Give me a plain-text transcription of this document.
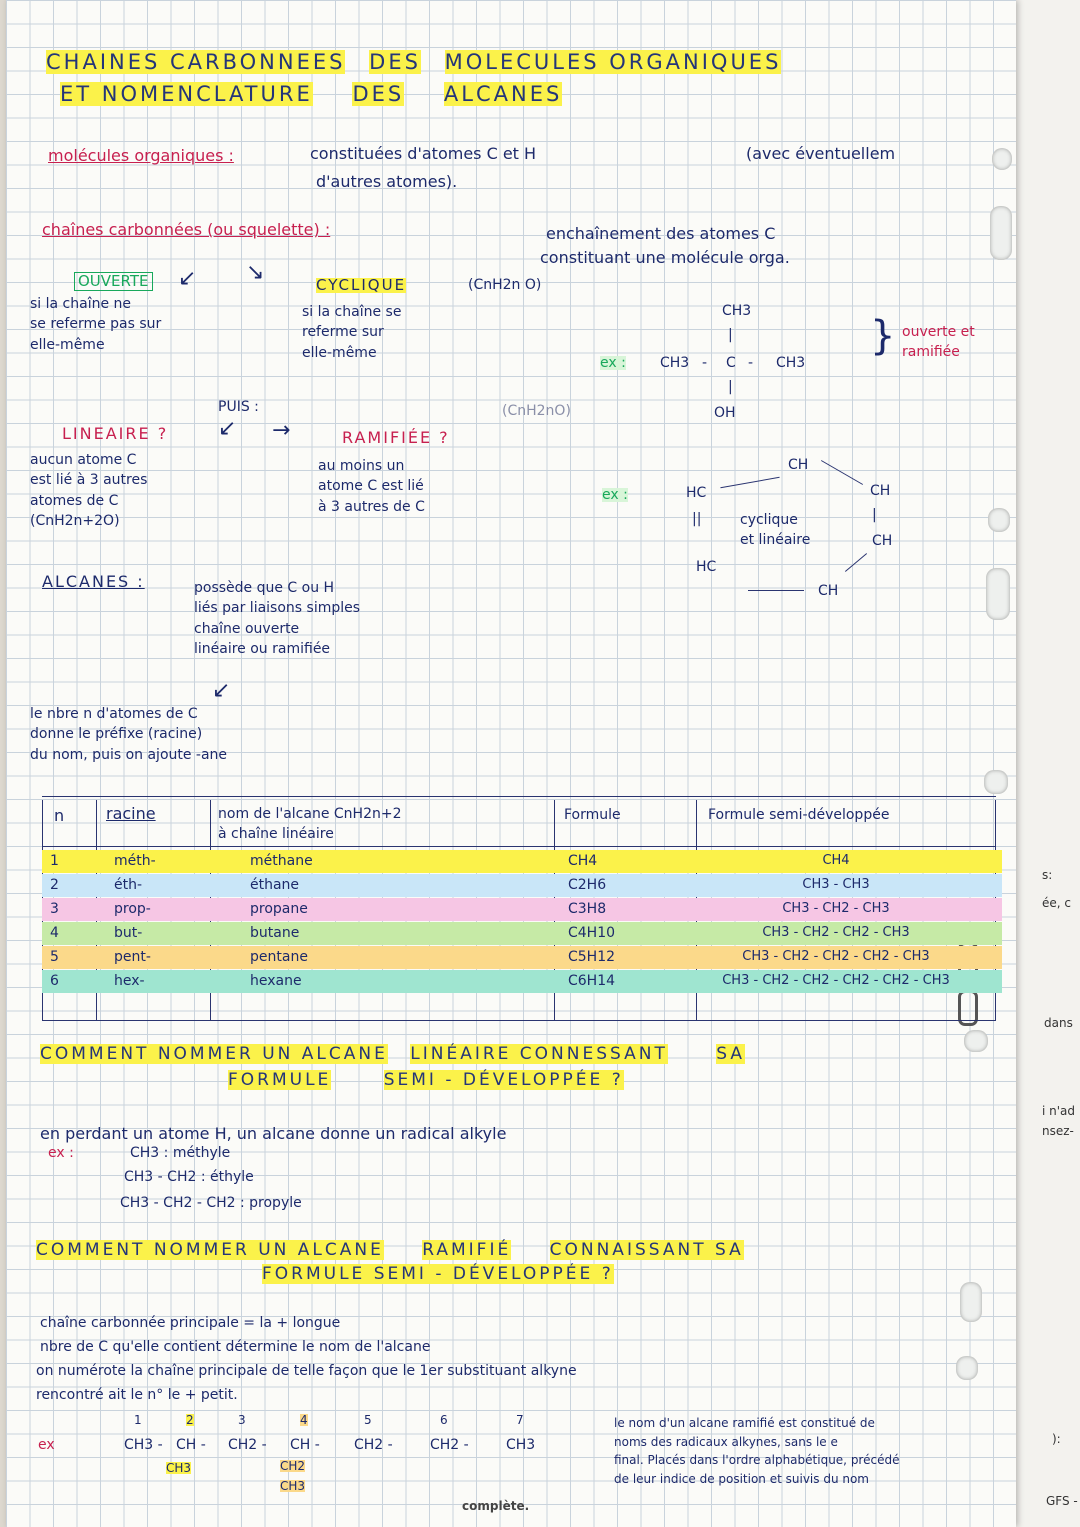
s:
ée, c
dans
i n'ad
nsez-
):
GFS -
CHAINES CARBONNEES DES MOLECULES ORGANIQUES
ET NOMENCLATURE DES ALCANES
molécules organiques :	constituées d'atomes C et H	(avec éventuellem
d'autres atomes).
chaînes carbonnées (ou squelette) :	enchaînement des atomes C
constituant une molécule orga.
OUVERTE ↙ ↘
si la chaîne ne
se referme pas sur
elle-même
CYCLIQUE	(CnH2n O)
si la chaîne se
referme sur
elle-même
PUIS :
↙ →
LINEAIRE ?
aucun atome C
est lié à 3 autres
atomes de C
(CnH2n+2O)
RAMIFIÉE ?
(CnH2nO)
au moins un
atome C est lié
à 3 autres de C
ex :
CH3
|
CH3 - C - CH3
|
OH
} ouverte et
ramifiée
ex :
CH
HC
||
HC
CH
|
CH
CH
cyclique
et linéaire
ALCANES :	possède que C ou H
liés par liaisons simples
chaîne ouverte
linéaire ou ramifiée
↙
le nbre n d'atomes de C
donne le préfixe (racine)
du nom, puis on ajoute -ane
n	racine	nom de l'alcane CnH2n+2
à chaîne linéaire
Formule	Formule semi-développée
1	méth-	méthane	CH4	CH4
2	éth-	éthane	C2H6	CH3 - CH3
3	prop-	propane	C3H8	CH3 - CH2 - CH3
4	but-	butane	C4H10	CH3 - CH2 - CH2 - CH3
5	pent-	pentane	C5H12	CH3 - CH2 - CH2 - CH2 - CH3
6	hex-	hexane	C6H14	CH3 - CH2 - CH2 - CH2 - CH2 - CH3
COMMENT NOMMER UN ALCANE LINÉAIRE CONNESSANT	SA
FORMULE	SEMI - DÉVELOPPÉE ?
en perdant un atome H, un alcane donne un radical alkyle
ex :	CH3 : méthyle
CH3 - CH2 : éthyle
CH3 - CH2 - CH2 : propyle
COMMENT NOMMER UN ALCANE RAMIFIÉ CONNAISSANT SA
FORMULE SEMI - DÉVELOPPÉE ?
chaîne carbonnée principale = la + longue
nbre de C qu'elle contient détermine le nom de l'alcane
on numérote la chaîne principale de telle façon que le 1er substituant alkyne
rencontré ait le n° le + petit.
ex
1
CH3 -
2
CH -
3
CH2 -
4
CH -
5
CH2 -
6
CH2 -
7
CH3
CH3	CH2
CH3
le nom d'un alcane ramifié est constitué de
noms des radicaux alkynes, sans le e
final. Placés dans l'ordre alphabétique, précédé
de leur indice de position et suivis du nom
complète.
